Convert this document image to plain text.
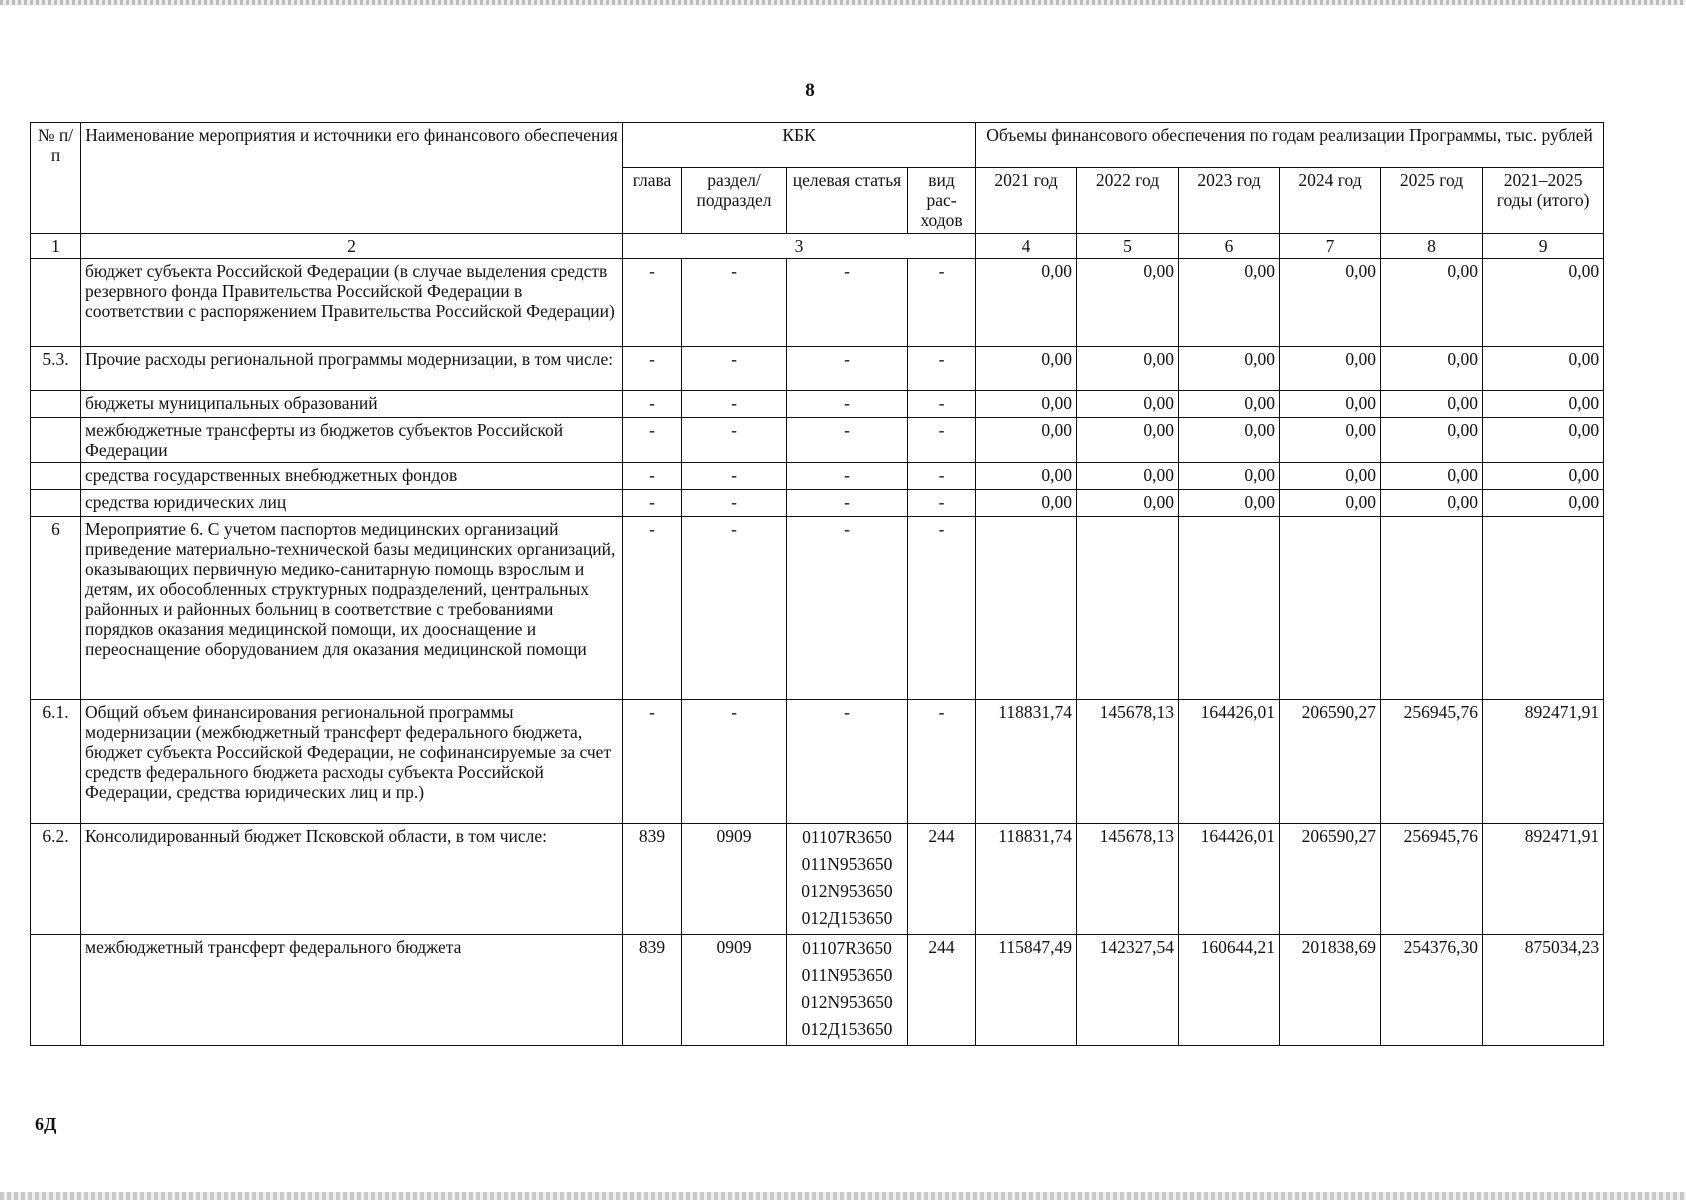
8
№ п/п	Наименование мероприятия и источники его финансового обеспечения	КБК				Объемы финансового обеспечения по годам реализации Программы, тыс. рублей					
		глава	раздел/ подраздел	целевая статья	вид рас- ходов	2021 год	2022 год	2023 год	2024 год	2025 год	2021–2025 годы (итого)
1	2	3				4	5	6	7	8	9
	бюджет субъекта Российской Федерации (в случае выделения средств резервного фонда Правительства Российской Федерации в соответствии с распоряжением Правительства Российской Федерации)	-	-	-	-	0,00	0,00	0,00	0,00	0,00	0,00
5.3.	Прочие расходы региональной программы модернизации, в том числе:	-	-	-	-	0,00	0,00	0,00	0,00	0,00	0,00
	бюджеты муниципальных образований	-	-	-	-	0,00	0,00	0,00	0,00	0,00	0,00
	межбюджетные трансферты из бюджетов субъектов Российской Федерации	-	-	-	-	0,00	0,00	0,00	0,00	0,00	0,00
	средства государственных внебюджетных фондов	-	-	-	-	0,00	0,00	0,00	0,00	0,00	0,00
	средства юридических лиц	-	-	-	-	0,00	0,00	0,00	0,00	0,00	0,00
6	Мероприятие 6. С учетом паспортов медицинских организаций приведение материально-технической базы медицинских организаций, оказывающих первичную медико-санитарную помощь взрослым и детям, их обособленных структурных подразделений, центральных районных и районных больниц в соответствие с требованиями порядков оказания медицинской помощи, их дооснащение и переоснащение оборудованием для оказания медицинской помощи	-	-	-	-						
6.1.	Общий объем финансирования региональной программы модернизации (межбюджетный трансферт федерального бюджета, бюджет субъекта Российской Федерации, не софинансируемые за счет средств федерального бюджета расходы субъекта Российской Федерации, средства юридических лиц и пр.)	-	-	-	-	118831,74	145678,13	164426,01	206590,27	256945,76	892471,91
6.2.	Консолидированный бюджет Псковской области, в том числе:	839	0909	01107R3650
011N953650
012N953650
012Д153650	244	118831,74	145678,13	164426,01	206590,27	256945,76	892471,91
	межбюджетный трансферт федерального бюджета	839	0909	01107R3650
011N953650
012N953650
012Д153650	244	115847,49	142327,54	160644,21	201838,69	254376,30	875034,23
6Д
